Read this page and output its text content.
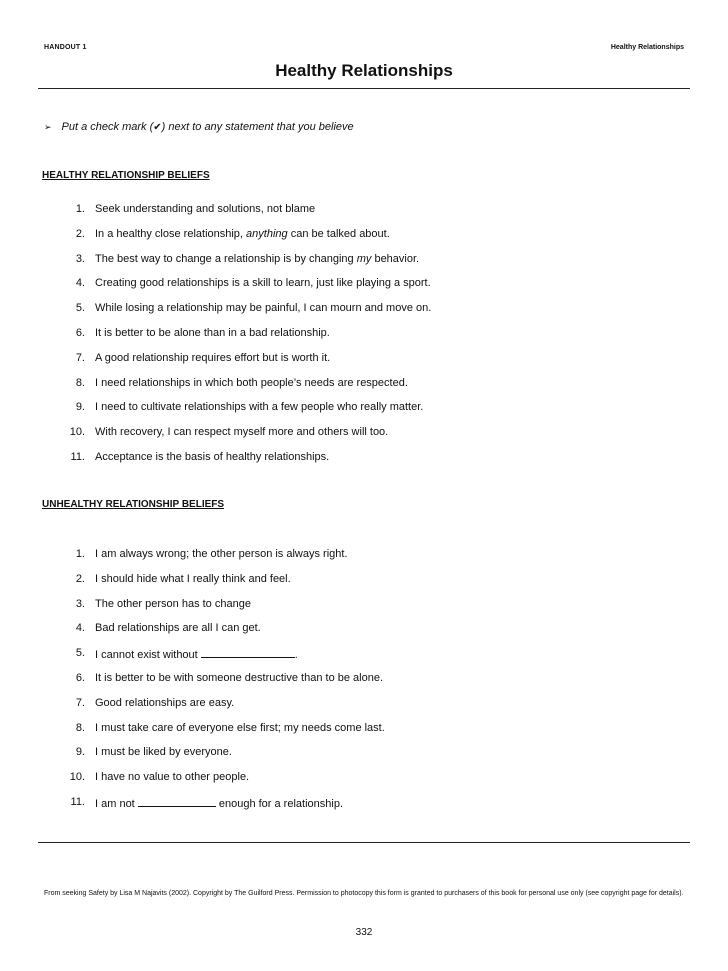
HANDOUT 1	Healthy Relationships
Healthy Relationships
➢ Put a check mark ( ✔ ) next to any statement that you believe
HEALTHY RELATIONSHIP BELIEFS
1. Seek understanding and solutions, not blame
2. In a healthy close relationship, anything can be talked about.
3. The best way to change a relationship is by changing my behavior.
4. Creating good relationships is a skill to learn, just like playing a sport.
5. While losing a relationship may be painful, I can mourn and move on.
6. It is better to be alone than in a bad relationship.
7. A good relationship requires effort but is worth it.
8. I need relationships in which both people’s needs are respected.
9. I need to cultivate relationships with a few people who really matter.
10. With recovery, I can respect myself more and others will too.
11. Acceptance is the basis of healthy relationships.
UNHEALTHY RELATIONSHIP BELIEFS
1. I am always wrong; the other person is always right.
2. I should hide what I really think and feel.
3. The other person has to change
4. Bad relationships are all I can get.
5. I cannot exist without	.
6. It is better to be with someone destructive than to be alone.
7. Good relationships are easy.
8. I must take care of everyone else first; my needs come last.
9. I must be liked by everyone.
10. I have no value to other people.
11. I am not	enough for a relationship.
From seeking Safety by Lisa M Najavits (2002). Copyright by The Guilford Press. Permission to photocopy this form is granted to purchasers of this book for personal use only (see copyright page for details).
332
